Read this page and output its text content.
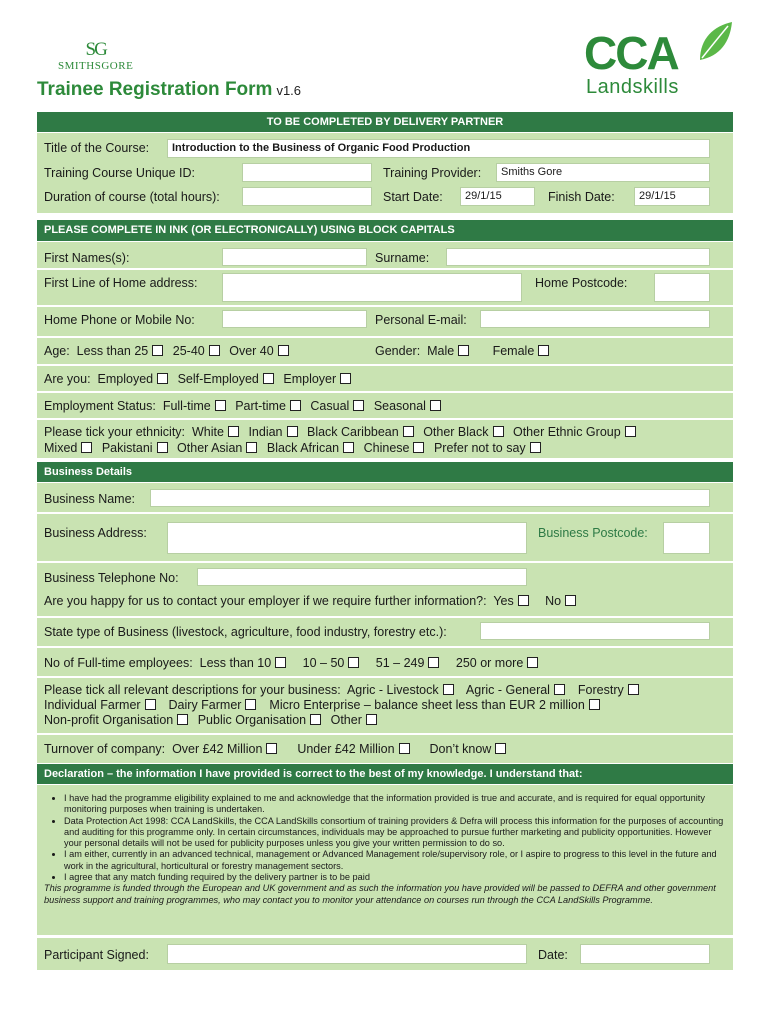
SG
SMITHSGORE
Trainee Registration Form v1.6
CCA
Landskills
TO BE COMPLETED BY DELIVERY PARTNER
Title of the Course:	Introduction to the Business of Organic Food Production
Training Course Unique ID:	Training Provider:	Smiths Gore
Duration of course (total hours):	Start Date:	29/1/15	Finish Date:	29/1/15
PLEASE COMPLETE IN INK (OR ELECTRONICALLY) USING BLOCK CAPITALS
First Names(s):	Surname:
First Line of Home address:	Home Postcode:
Home Phone or Mobile No:	Personal E-mail:
Age: Less than 25 25-40 Over 40	Gender: Male	Female
Are you: Employed Self-Employed Employer
Employment Status: Full-time Part-time Casual Seasonal
Please tick your ethnicity: White Indian Black Caribbean Other Black Other Ethnic Group
Mixed Pakistani Other Asian Black African Chinese Prefer not to say
Business Details
Business Name:
Business Address:	Business Postcode:
Business Telephone No:
Are you happy for us to contact your employer if we require further information?: Yes	No
State type of Business (livestock, agriculture, food industry, forestry etc.):
No of Full-time employees: Less than 10	10 – 50	51 – 249	250 or more
Please tick all relevant descriptions for your business: Agric - Livestock Agric - General Forestry
Individual Farmer Dairy Farmer Micro Enterprise – balance sheet less than EUR 2 million
Non-profit Organisation Public Organisation Other
Turnover of company: Over £42 Million	Under £42 Million	Don’t know
Declaration – the information I have provided is correct to the best of my knowledge. I understand that:
• I have had the programme eligibility explained to me and acknowledge that the information provided is true and accurate, and is required for equal opportunity monitoring purposes when training is undertaken.
• Data Protection Act 1998: CCA LandSkills, the CCA LandSkills consortium of training providers & Defra will process this information for the purposes of accounting and auditing for this programme only. In certain circumstances, individuals may be approached to pursue further marketing and publicity opportunities. However your personal details will not be used for publicity purposes unless you give your written permission to do so.
• I am either, currently in an advanced technical, management or Advanced Management role/supervisory role, or I aspire to progress to this level in the future and work in the agricultural, horticultural or forestry management sectors.
• I agree that any match funding required by the delivery partner is to be paid
This programme is funded through the European and UK government and as such the information you have provided will be passed to DEFRA and other government business support and training programmes, who may contact you to monitor your attendance on courses run through the CCA LandSkills Programme.
Participant Signed:	Date:
